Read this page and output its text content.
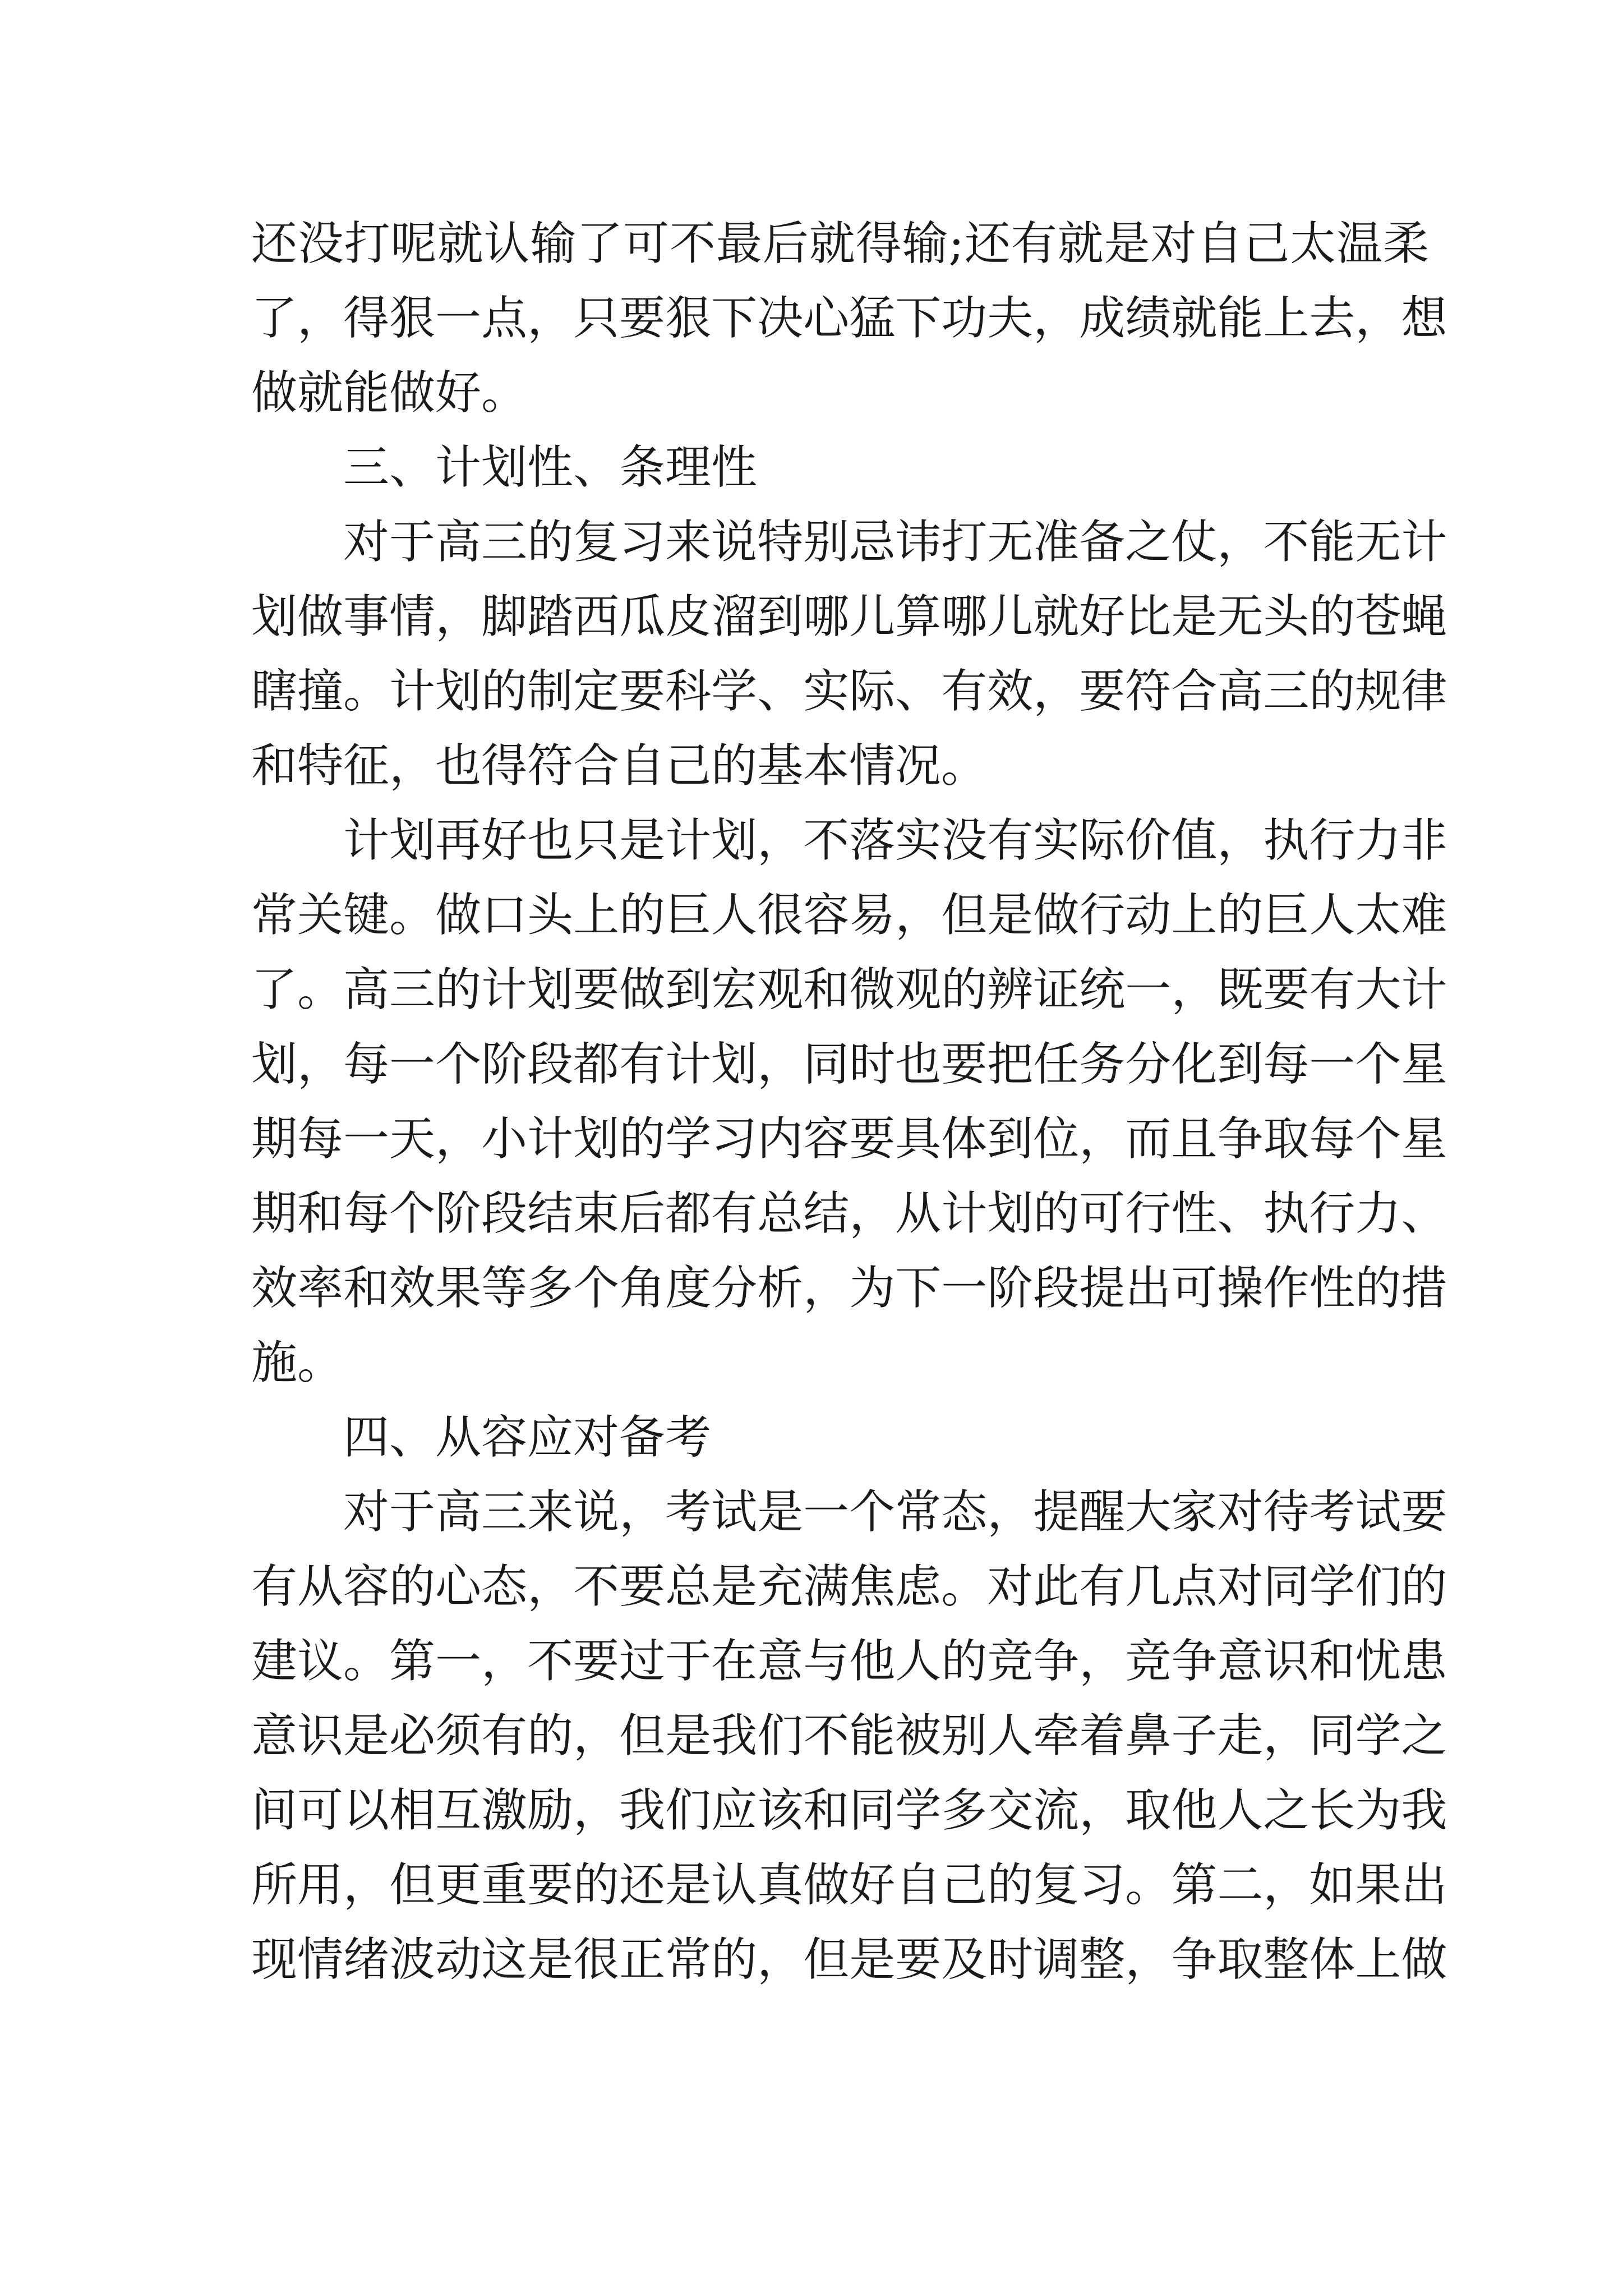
还 没 打 呢 就 认 输 了 可 不 最 后 就 得 输 ; 还 有 就 是 对 自 己 太 温 柔
了 ， 得 狠 一 点 ， 只 要 狠 下 决 心 猛 下 功 夫 ， 成 绩 就 能 上 去 ， 想
做就能做好。
三、计划性、条理性
对 于 高 三 的 复 习 来 说 特 别 忌 讳 打 无 准 备 之 仗 ， 不 能 无 计
划 做 事 情 ， 脚 踏 西 瓜 皮 溜 到 哪 儿 算 哪 儿 就 好 比 是 无 头 的 苍 蝇
瞎 撞 。 计 划 的 制 定 要 科 学 、 实 际 、 有 效 ， 要 符 合 高 三 的 规 律
和特征，也得符合自己的基本情况。
计 划 再 好 也 只 是 计 划 ， 不 落 实 没 有 实 际 价 值 ， 执 行 力 非
常 关 键 。 做 口 头 上 的 巨 人 很 容 易 ， 但 是 做 行 动 上 的 巨 人 太 难
了 。 高 三 的 计 划 要 做 到 宏 观 和 微 观 的 辨 证 统 一 ， 既 要 有 大 计
划 ， 每 一 个 阶 段 都 有 计 划 ， 同 时 也 要 把 任 务 分 化 到 每 一 个 星
期 每 一 天 ， 小 计 划 的 学 习 内 容 要 具 体 到 位 ， 而 且 争 取 每 个 星
期 和 每 个 阶 段 结 束 后 都 有 总 结 ， 从 计 划 的 可 行 性 、 执 行 力 、
效 率 和 效 果 等 多 个 角 度 分 析 ， 为 下 一 阶 段 提 出 可 操 作 性 的 措
施。
四、从容应对备考
对 于 高 三 来 说 ， 考 试 是 一 个 常 态 ， 提 醒 大 家 对 待 考 试 要
有 从 容 的 心 态 ， 不 要 总 是 充 满 焦 虑 。 对 此 有 几 点 对 同 学 们 的
建 议 。 第 一 ， 不 要 过 于 在 意 与 他 人 的 竞 争 ， 竞 争 意 识 和 忧 患
意 识 是 必 须 有 的 ， 但 是 我 们 不 能 被 别 人 牵 着 鼻 子 走 ， 同 学 之
间 可 以 相 互 激 励 ， 我 们 应 该 和 同 学 多 交 流 ， 取 他 人 之 长 为 我
所 用 ， 但 更 重 要 的 还 是 认 真 做 好 自 己 的 复 习 。 第 二 ， 如 果 出
现 情 绪 波 动 这 是 很 正 常 的 ， 但 是 要 及 时 调 整 ， 争 取 整 体 上 做
